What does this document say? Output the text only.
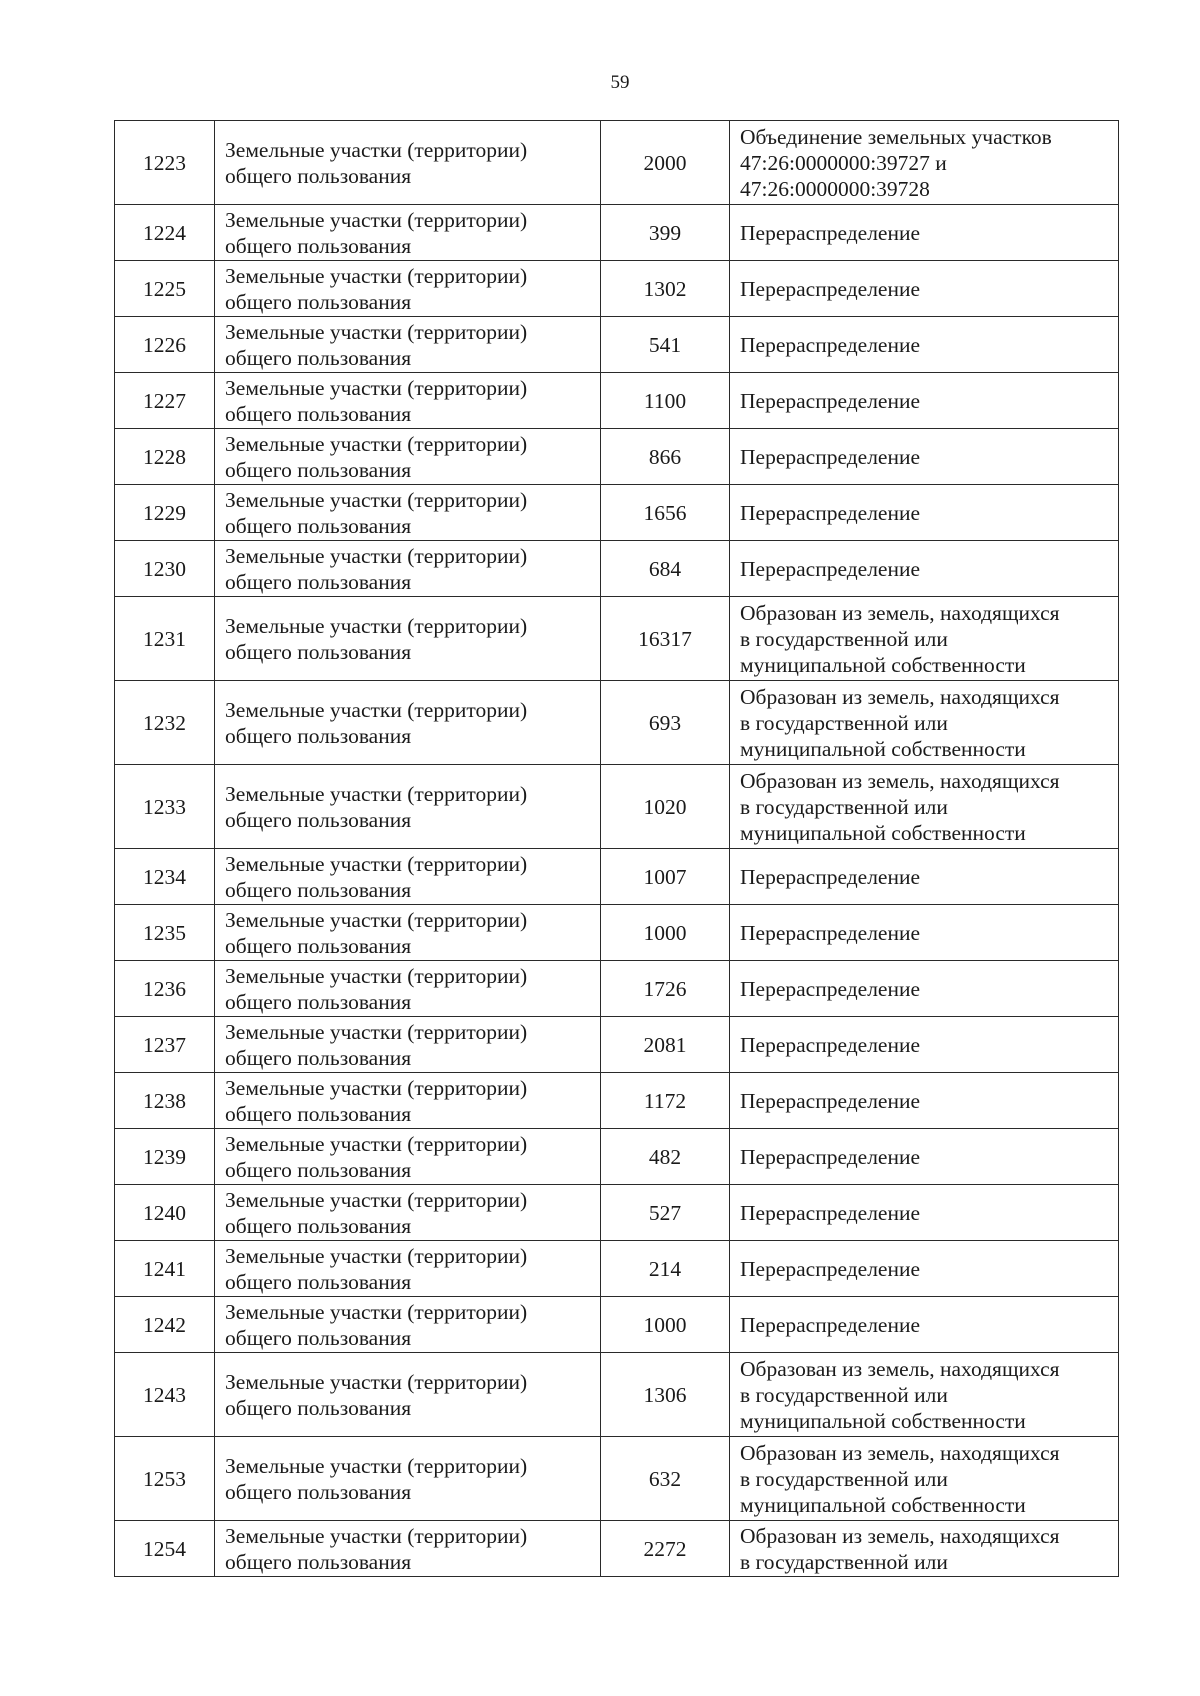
59
1223	Земельные участки (территории)
общего пользования	2000	Объединение земельных участков
47:26:0000000:39727 и
47:26:0000000:39728

1224	Земельные участки (территории)
общего пользования	399	Перераспределение

1225	Земельные участки (территории)
общего пользования	1302	Перераспределение

1226	Земельные участки (территории)
общего пользования	541	Перераспределение

1227	Земельные участки (территории)
общего пользования	1100	Перераспределение

1228	Земельные участки (территории)
общего пользования	866	Перераспределение

1229	Земельные участки (территории)
общего пользования	1656	Перераспределение

1230	Земельные участки (территории)
общего пользования	684	Перераспределение

1231	Земельные участки (территории)
общего пользования	16317	Образован из земель, находящихся
в государственной или
муниципальной собственности

1232	Земельные участки (территории)
общего пользования	693	Образован из земель, находящихся
в государственной или
муниципальной собственности

1233	Земельные участки (территории)
общего пользования	1020	Образован из земель, находящихся
в государственной или
муниципальной собственности

1234	Земельные участки (территории)
общего пользования	1007	Перераспределение

1235	Земельные участки (территории)
общего пользования	1000	Перераспределение

1236	Земельные участки (территории)
общего пользования	1726	Перераспределение

1237	Земельные участки (территории)
общего пользования	2081	Перераспределение

1238	Земельные участки (территории)
общего пользования	1172	Перераспределение

1239	Земельные участки (территории)
общего пользования	482	Перераспределение

1240	Земельные участки (территории)
общего пользования	527	Перераспределение

1241	Земельные участки (территории)
общего пользования	214	Перераспределение

1242	Земельные участки (территории)
общего пользования	1000	Перераспределение

1243	Земельные участки (территории)
общего пользования	1306	Образован из земель, находящихся
в государственной или
муниципальной собственности

1253	Земельные участки (территории)
общего пользования	632	Образован из земель, находящихся
в государственной или
муниципальной собственности

1254	Земельные участки (территории)
общего пользования	2272	Образован из земель, находящихся
в государственной или
